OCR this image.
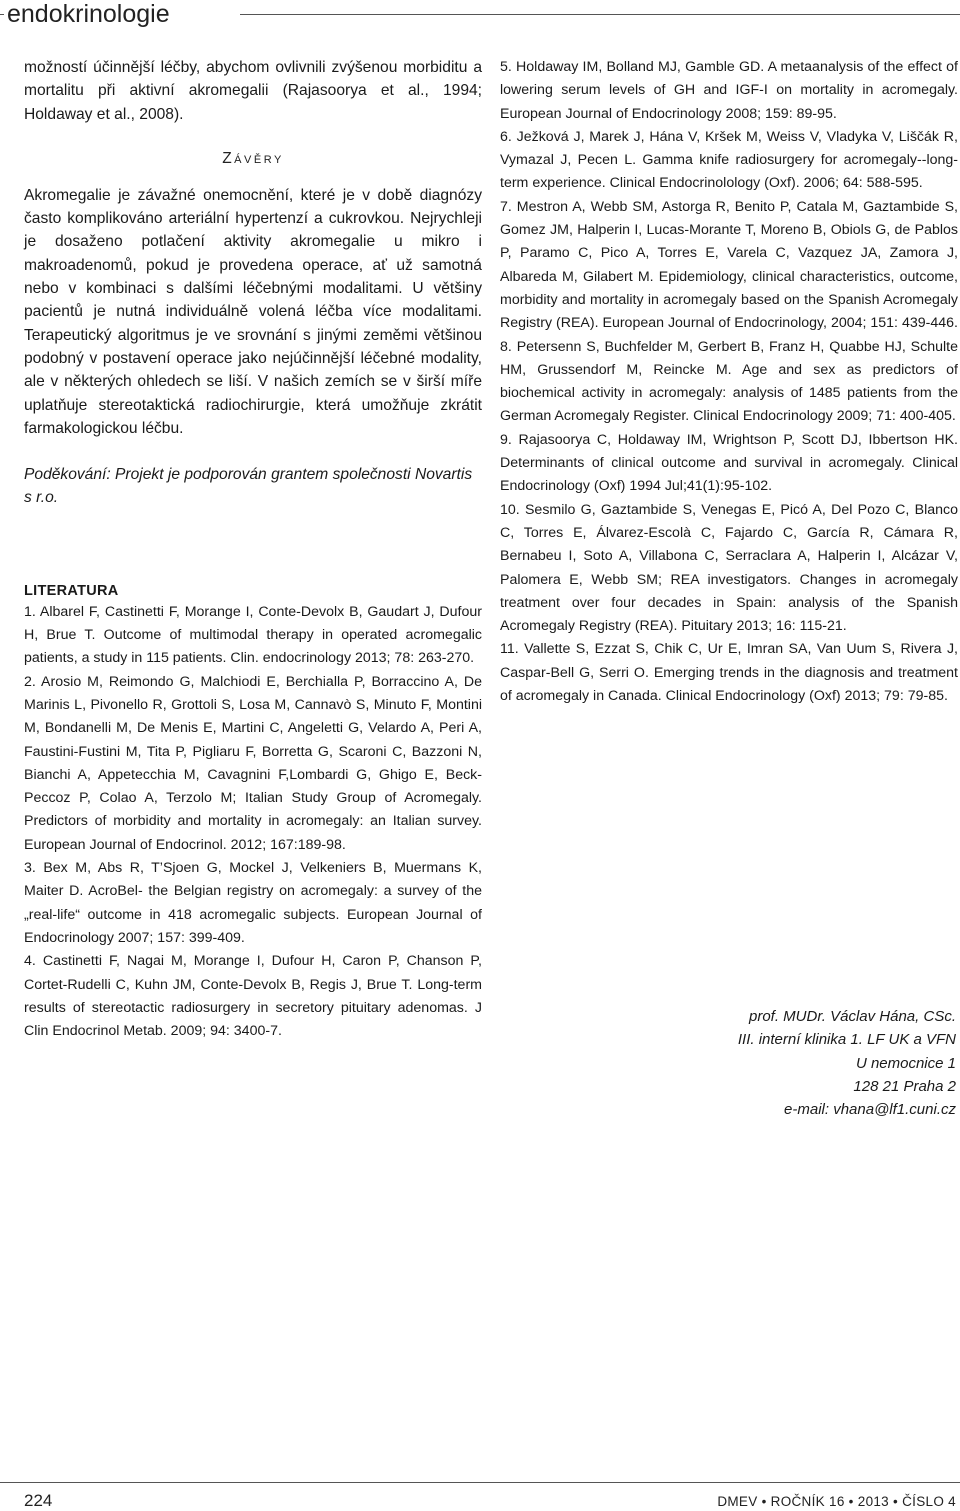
endokrinologie

možností účinnější léčby, abychom ovlivnili zvýšenou morbiditu a mortalitu při aktivní akromegalii (Rajasoorya et al., 1994; Holdaway et al., 2008).

Závěry

Akromegalie je závažné onemocnění, které je v době diagnózy často komplikováno arteriální hypertenzí a cukrovkou. Nejrychleji je dosaženo potlačení aktivity akromegalie u mikro i makroadenomů, pokud je provedena operace, ať už samotná nebo v kombinaci s dalšími léčebnými modalitami. U většiny pacientů je nutná individuálně volená léčba více modalitami. Terapeutický algoritmus je ve srovnání s jinými zeměmi většinou podobný v postavení operace jako nejúčinnější léčebné modality, ale v některých ohledech se liší. V našich zemích se v širší míře uplatňuje stereotaktická radiochirurgie, která umožňuje zkrátit farmakologickou léčbu.

Poděkování: Projekt je podporován grantem společnosti Novartis s r.o.

LITERATURA

1. Albarel F, Castinetti F, Morange I, Conte-Devolx B, Gaudart J, Dufour H, Brue T. Outcome of multimodal therapy in operated acromegalic patients, a study in 115 patients. Clin. endocrinology 2013; 78: 263-270.

2. Arosio M, Reimondo G, Malchiodi E, Berchialla P, Borraccino A, De Marinis L, Pivonello R, Grottoli S, Losa M, Cannavò S, Minuto F, Montini M, Bondanelli M, De Menis E, Martini C, Angeletti G, Velardo A, Peri A, Faustini-Fustini M, Tita P, Pigliaru F, Borretta G, Scaroni C, Bazzoni N, Bianchi A, Appetecchia M, Cavagnini F,Lombardi G, Ghigo E, Beck-Peccoz P, Colao A, Terzolo M; Italian Study Group of Acromegaly. Predictors of morbidity and mortality in acromegaly: an Italian survey. European Journal of Endocrinol. 2012; 167:189-98.

3. Bex M, Abs R, T’Sjoen G, Mockel J, Velkeniers B, Muermans K, Maiter D. AcroBel- the Belgian registry on acromegaly: a survey of the „real-life“ outcome in 418 acromegalic subjects. European Journal of Endocrinology 2007; 157: 399-409.

4. Castinetti F, Nagai M, Morange I, Dufour H, Caron P, Chanson P, Cortet-Rudelli C, Kuhn JM, Conte-Devolx B, Regis J, Brue T. Long-term results of stereotactic radiosurgery in secretory pituitary adenomas. J Clin Endocrinol Metab. 2009; 94: 3400-7.

5. Holdaway IM, Bolland MJ, Gamble GD. A metaanalysis of the effect of lowering serum levels of GH and IGF-I on mortality in acromegaly. European Journal of Endocrinology 2008; 159: 89-95.

6. Ježková J, Marek J, Hána V, Kršek M, Weiss V, Vladyka V, Liščák R, Vymazal J, Pecen L. Gamma knife radiosurgery for acromegaly--long-term experience. Clinical Endocrinolology (Oxf). 2006; 64: 588-595.

7. Mestron A, Webb SM, Astorga R, Benito P, Catala M, Gaztambide S, Gomez JM, Halperin I, Lucas-Morante T, Moreno B, Obiols G, de Pablos P, Paramo C, Pico A, Torres E, Varela C, Vazquez JA, Zamora J, Albareda M, Gilabert M. Epidemiology, clinical characteristics, outcome, morbidity and mortality in acromegaly based on the Spanish Acromegaly Registry (REA). European Journal of Endocrinology, 2004; 151: 439-446.

8. Petersenn S, Buchfelder M, Gerbert B, Franz H, Quabbe HJ, Schulte HM, Grussendorf M, Reincke M. Age and sex as predictors of biochemical activity in acromegaly: analysis of 1485 patients from the German Acromegaly Register. Clinical Endocrinology 2009; 71: 400-405.

9. Rajasoorya C, Holdaway IM, Wrightson P, Scott DJ, Ibbertson HK. Determinants of clinical outcome and survival in acromegaly. Clinical Endocrinology (Oxf) 1994 Jul;41(1):95-102.

10. Sesmilo G, Gaztambide S, Venegas E, Picó A, Del Pozo C, Blanco C, Torres E, Álvarez-Escolà C, Fajardo C, García R, Cámara R, Bernabeu I, Soto A, Villabona C, Serraclara A, Halperin I, Alcázar V, Palomera E, Webb SM; REA investigators. Changes in acromegaly treatment over four decades in Spain: analysis of the Spanish Acromegaly Registry (REA). Pituitary 2013; 16: 115-21.

11. Vallette S, Ezzat S, Chik C, Ur E, Imran SA, Van Uum S, Rivera J, Caspar-Bell G, Serri O. Emerging trends in the diagnosis and treatment of acromegaly in Canada. Clinical Endocrinology (Oxf) 2013; 79: 79-85.

prof. MUDr. Václav Hána, CSc.
III. interní klinika 1. LF UK a VFN
U nemocnice 1
128 21 Praha 2
e-mail: vhana@lf1.cuni.cz
224	DMEV • ROČNÍK 16 • 2013 • ČÍSLO 4
